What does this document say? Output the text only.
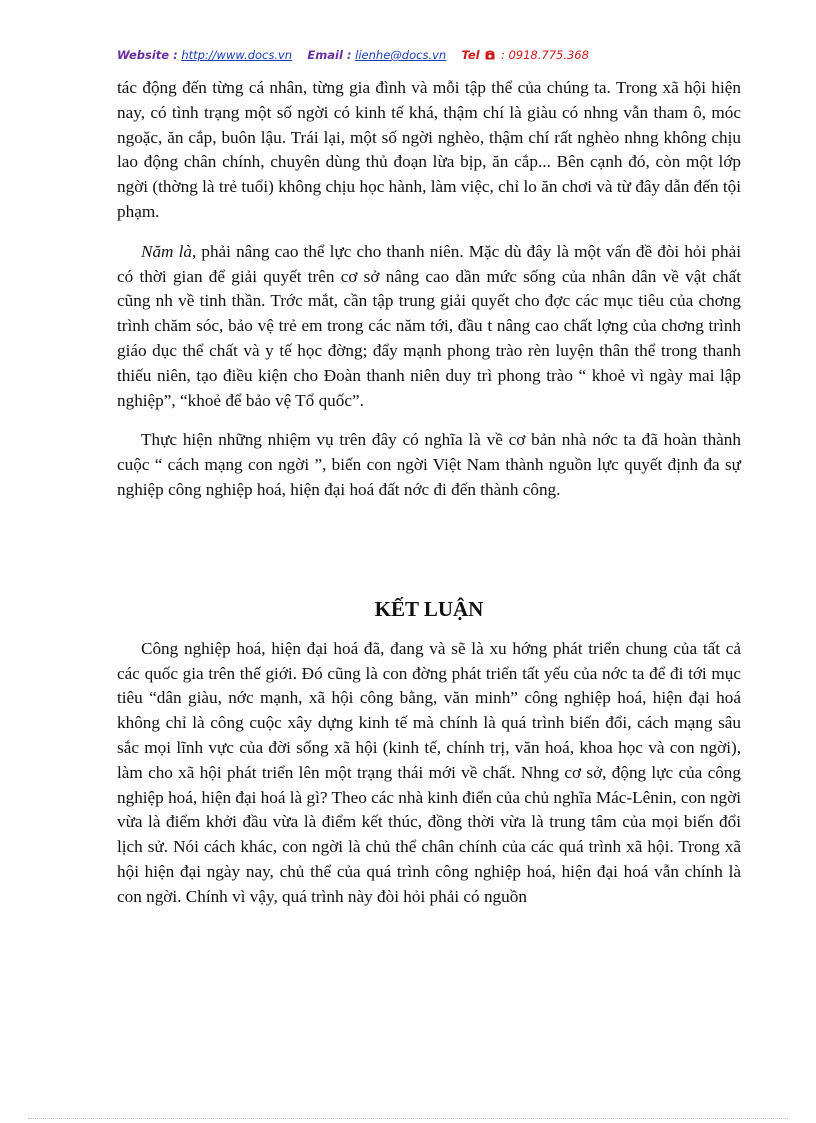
Website : http://www.docs.vn Email : lienhe@docs.vn Tel : 0918.775.368

tác động đến từng cá nhân, từng gia đình và mỗi tập thể của chúng ta. Trong xã hội hiện nay, có tình trạng một số ngời có kinh tế khá, thậm chí là giàu có nhng vẫn tham ô, móc ngoặc, ăn cắp, buôn lậu. Trái lại, một số ngời nghèo, thậm chí rất nghèo nhng không chịu lao động chân chính, chuyên dùng thủ đoạn lừa bịp, ăn cắp... Bên cạnh đó, còn một lớp ngời (thờng là trẻ tuổi) không chịu học hành, làm việc, chỉ lo ăn chơi và từ đây dẫn đến tội phạm.

Năm là, phải nâng cao thể lực cho thanh niên. Mặc dù đây là một vấn đề đòi hỏi phải có thời gian để giải quyết trên cơ sở nâng cao dần mức sống của nhân dân về vật chất cũng nh về tinh thần. Trớc mắt, cần tập trung giải quyết cho đợc các mục tiêu của chơng trình chăm sóc, bảo vệ trẻ em trong các năm tới, đầu t nâng cao chất lợng của chơng trình giáo dục thể chất và y tế học đờng; đẩy mạnh phong trào rèn luyện thân thể trong thanh thiếu niên, tạo điều kiện cho Đoàn thanh niên duy trì phong trào “ khoẻ vì ngày mai lập nghiệp”, “khoẻ để bảo vệ Tổ quốc”.

Thực hiện những nhiệm vụ trên đây có nghĩa là về cơ bản nhà nớc ta đã hoàn thành cuộc “ cách mạng con ngời ”, biến con ngời Việt Nam thành nguồn lực quyết định đa sự nghiệp công nghiệp hoá, hiện đại hoá đất nớc đi đến thành công.

KẾT LUẬN

Công nghiệp hoá, hiện đại hoá đã, đang và sẽ là xu hớng phát triển chung của tất cả các quốc gia trên thế giới. Đó cũng là con đờng phát triển tất yếu của nớc ta để đi tới mục tiêu “dân giàu, nớc mạnh, xã hội công bằng, văn minh” công nghiệp hoá, hiện đại hoá không chỉ là công cuộc xây dựng kinh tế mà chính là quá trình biến đổi, cách mạng sâu sắc mọi lĩnh vực của đời sống xã hội (kinh tế, chính trị, văn hoá, khoa học và con ngời), làm cho xã hội phát triển lên một trạng thái mới về chất. Nhng cơ sở, động lực của công nghiệp hoá, hiện đại hoá là gì? Theo các nhà kinh điển của chủ nghĩa Mác-Lênin, con ngời vừa là điểm khởi đầu vừa là điểm kết thúc, đồng thời vừa là trung tâm của mọi biến đổi lịch sử. Nói cách khác, con ngời là chủ thể chân chính của các quá trình xã hội. Trong xã hội hiện đại ngày nay, chủ thể của quá trình công nghiệp hoá, hiện đại hoá vẫn chính là con ngời. Chính vì vậy, quá trình này đòi hỏi phải có nguồn
